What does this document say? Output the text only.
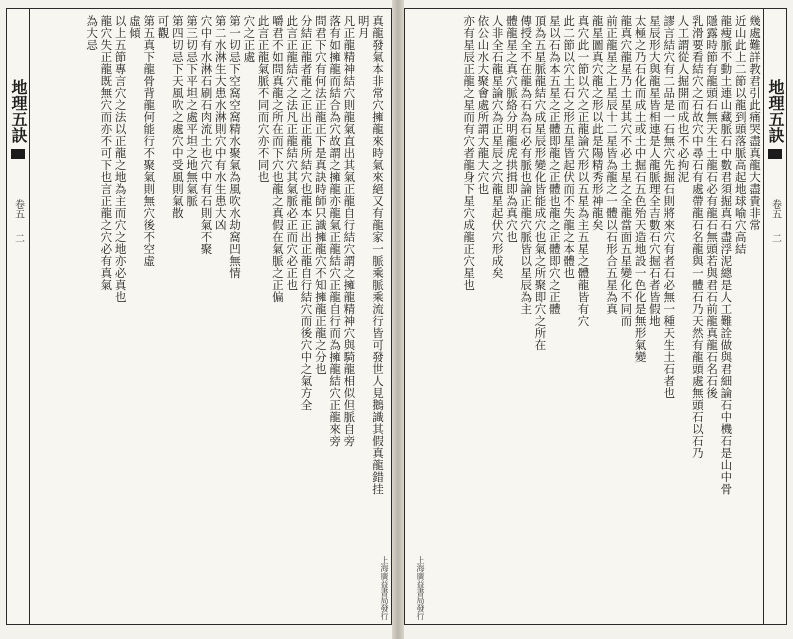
地理五訣
卷五
二	真龍發氣本非常穴擁龍來時氣來絕又有龍家一脈乘脈乘流行皆可發世人見鵝識其假真龍錯挂
明月
凡正龍精神結穴則龍氣直出其氣正龍自行結穴謂之擁龍精神穴與騎龍相似但脈自旁
落有如擁龍而結合為穴故謂之擁龍亦龍氣正龍結穴正龍自行而為擁龍結穴正龍來旁
問君下穴有何法正龍正下是真訣時師只識擁龍穴不知擁龍正龍之分也
分結正龍者龍之正出正龍所結穴也龍本正出正龍自行結穴而後穴中之氣方全
此言正龍結穴之法凡正龍結穴其氣脈必正而穴必正也
嚼君不如問真龍之所在而下穴也龍之真假在氣脈之正偏
此言正龍氣脈不同而穴亦不同也
穴之正處
第一切忌下空窩空窩精水聚氣為風吹水劫窩凹無情
第二水淋生大患水淋則穴中有水生患大凶
穴中有水淋石刷石肉流土也穴中有石則氣不聚
第三切忌下平坦之處平坦之地無氣脈
第四切忌下天風吹之處穴中受風則氣散
可觀
第五真下龍骨背龍何能行不聚氣則無穴後不空虛
虛傾
以上五節專言穴之法以正龍之地為主而穴之地亦必真也
龍穴失正龍既無穴而亦不可下也言正龍之穴必有真氣
為大忌
上海廣益書局發行
幾處難詳教君引此痛哭盡真龍大盡貴非常
近山此上二節以龍到頭落脈高起地球喻穴高結
龍瘦脈不動土連山藏脈石中數君須掘真石盡浮泥總是人工難詮做與君細論石中機石是山中骨
隱露時節有龍頭石無天生土龍石必有龍石無頭若與君石前龍真龍石名石後
乳滑要看結穴之石故穴中尋石有處帶龍石名龍與一體石乃天然有龍頭處無頭石以石乃
人工謂從人掘開而成也不必拘泥
謬言結穴有二品是一石無穴先掘石則將來穴有者石必無一種天生土石者也
星辰形大與龍星皆相連是人龍脈理全吉數石穴掘石者皆假地
太極之乃石化而成土或土中掘石五色殆天造地設一色化是無形氣變
龍真穴龍星乃土星其穴不必土星之全龍當面五星變化不同而
前正龍星之上星辰十二星皆為龍之一體以石形合五星為真
龍星圖真穴龍之形以此是陽精秀形神龍矣
真穴此一節以穴之正龍論穴形以五星為主五星之體龍皆有穴
此二節以穴土石之形五星皆起伏而不失龍之本體也
星以石為本五星之正體即龍之正體也龍之正體即穴之正體
頂為五星脈龍結穴成星辰形變化皆能成穴也氣之所聚即穴之所在
傳授全不在龍為石為石必有脈也論正龍穴脈皆以星辰為主
體龍星之真穴脈絡分明龍虎拱揖即為真穴也
人非全石龍星論穴為正星辰之穴龍星起伏穴形成矣
依公山水大聚會處所謂大龍大穴也
亦有星辰正龍之星而有穴者龍身下星穴成龍正穴星也	地理五訣
卷五
二
上海廣益書局發行
